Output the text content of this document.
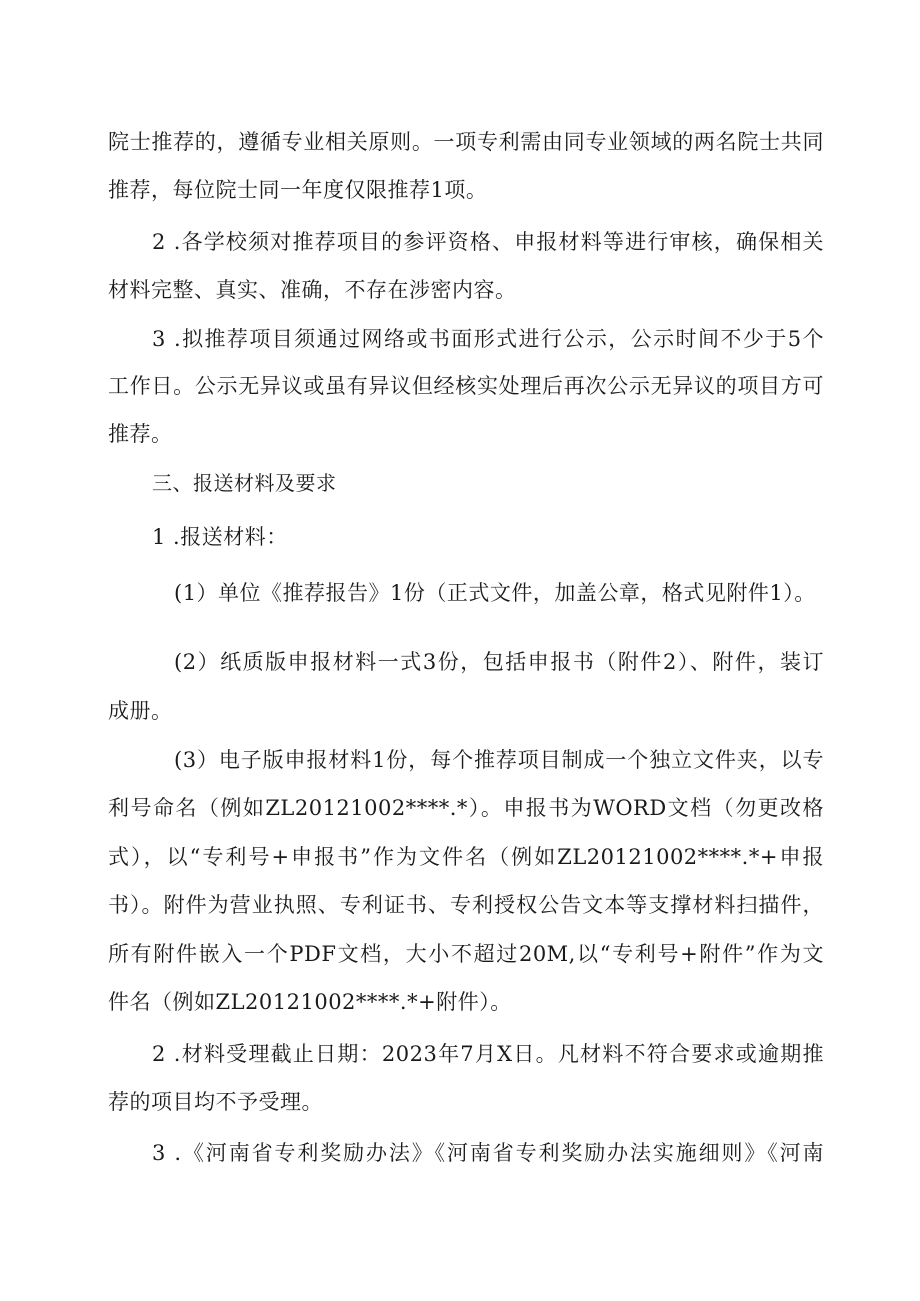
院士推荐的，遵循专业相关原则。一项专利需由同专业领域的两名院士共同
推荐，每位院士同一年度仅限推荐1项。
2 .各学校须对推荐项目的参评资格、申报材料等进行审核，确保相关
材料完整、真实、准确，不存在涉密内容。
3 .拟推荐项目须通过网络或书面形式进行公示，公示时间不少于5个
工作日。公示无异议或虽有异议但经核实处理后再次公示无异议的项目方可
推荐。
三、报送材料及要求
1 .报送材料：
(1）单位《推荐报告》1份（正式文件，加盖公章，格式见附件1）。
(2）纸质版申报材料一式3份，包括申报书（附件2）、附件，装订
成册。
(3）电子版申报材料1份，每个推荐项目制成一个独立文件夹，以专
利号命名（例如ZL20121002****.*）。申报书为WORD文档（勿更改格
式），以“专利号+申报书”作为文件名（例如ZL20121002****.*+申报
书）。附件为营业执照、专利证书、专利授权公告文本等支撑材料扫描件，
所有附件嵌入一个PDF文档，大小不超过20M,以“专利号+附件”作为文
件名（例如ZL20121002****.*+附件）。
2 .材料受理截止日期：2023年7月X日。凡材料不符合要求或逾期推
荐的项目均不予受理。
3 .《河南省专利奖励办法》《河南省专利奖励办法实施细则》《河南
